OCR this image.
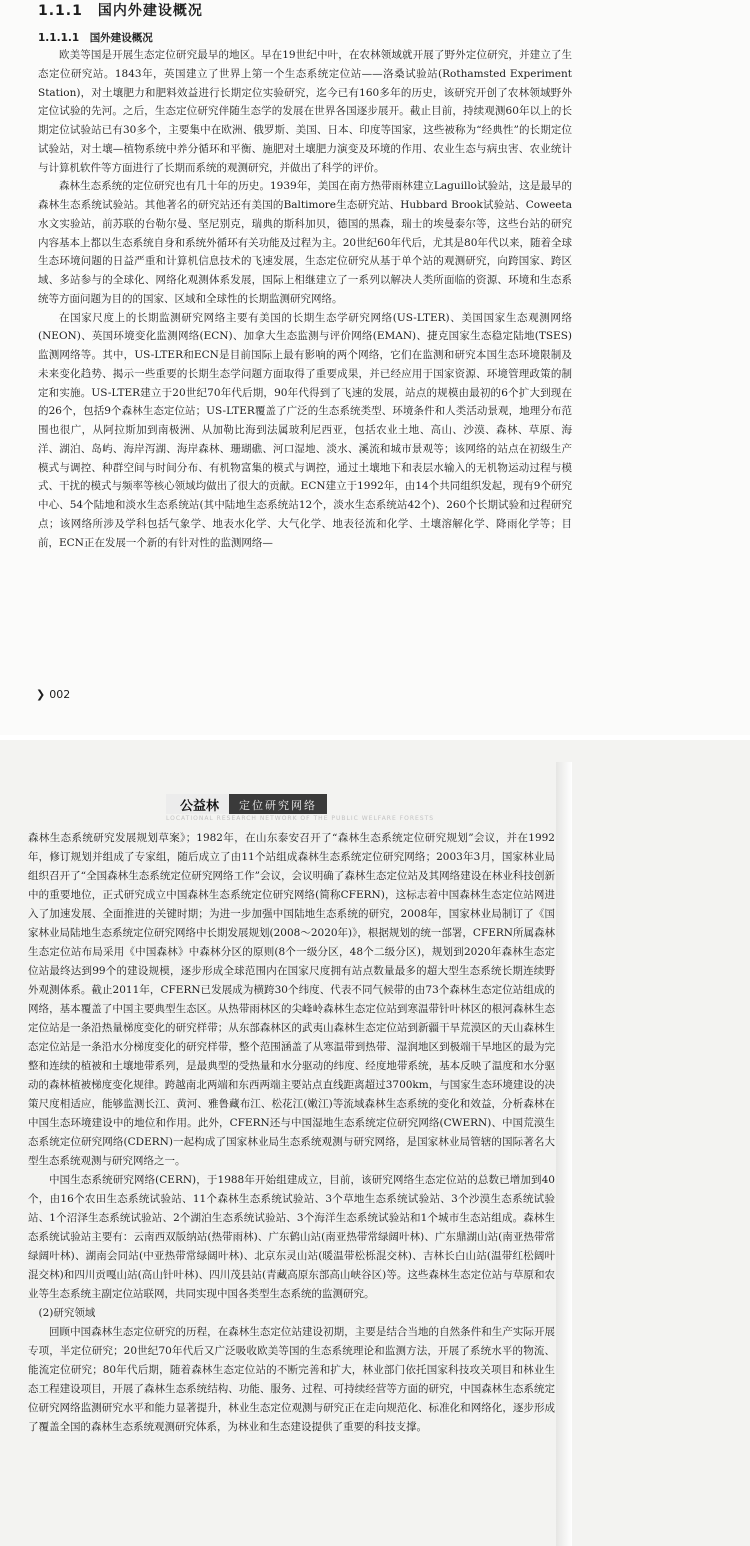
1.1.1　国内外建设概况
1.1.1.1　国外建设概况

欧美等国是开展生态定位研究最早的地区。早在19世纪中叶，在农林领域就开展了野外定位研究，并建立了生态定位研究站。1843年，英国建立了世界上第一个生态系统定位站——洛桑试验站(Rothamsted Experiment Station)，对土壤肥力和肥料效益进行长期定位实验研究，迄今已有160多年的历史，该研究开创了农林领域野外定位试验的先河。之后，生态定位研究伴随生态学的发展在世界各国逐步展开。截止目前，持续观测60年以上的长期定位试验站已有30多个，主要集中在欧洲、俄罗斯、美国、日本、印度等国家，这些被称为“经典性”的长期定位试验站，对土壤—植物系统中养分循环和平衡、施肥对土壤肥力演变及环境的作用、农业生态与病虫害、农业统计与计算机软件等方面进行了长期而系统的观测研究，并做出了科学的评价。

森林生态系统的定位研究也有几十年的历史。1939年，美国在南方热带雨林建立Laguillo试验站，这是最早的森林生态系统试验站。其他著名的研究站还有美国的Baltimore生态研究站、Hubbard Brook试验站、Coweeta水文实验站，前苏联的台勒尔曼、坚尼别克，瑞典的斯科加贝，德国的黑森，瑞士的埃曼泰尔等，这些台站的研究内容基本上都以生态系统自身和系统外循环有关功能及过程为主。20世纪60年代后，尤其是80年代以来，随着全球生态环境问题的日益严重和计算机信息技术的飞速发展，生态定位研究从基于单个站的观测研究，向跨国家、跨区域、多站参与的全球化、网络化观测体系发展，国际上相继建立了一系列以解决人类所面临的资源、环境和生态系统等方面问题为目的的国家、区域和全球性的长期监测研究网络。

在国家尺度上的长期监测研究网络主要有美国的长期生态学研究网络(US-LTER)、美国国家生态观测网络(NEON)、英国环境变化监测网络(ECN)、加拿大生态监测与评价网络(EMAN)、捷克国家生态稳定陆地(TSES)监测网络等。其中，US-LTER和ECN是目前国际上最有影响的两个网络，它们在监测和研究本国生态环境限制及未来变化趋势、揭示一些重要的长期生态学问题方面取得了重要成果，并已经应用于国家资源、环境管理政策的制定和实施。US-LTER建立于20世纪70年代后期，90年代得到了飞速的发展，站点的规模由最初的6个扩大到现在的26个，包括9个森林生态定位站；US-LTER覆盖了广泛的生态系统类型、环境条件和人类活动景观，地理分布范围也很广，从阿拉斯加到南极洲、从加勒比海到法属玻利尼西亚，包括农业土地、高山、沙漠、森林、草原、海洋、湖泊、岛屿、海岸泻湖、海岸森林、珊瑚礁、河口湿地、淡水、溪流和城市景观等；该网络的站点在初级生产模式与调控、种群空间与时间分布、有机物富集的模式与调控，通过土壤地下和表层水输入的无机物运动过程与模式、干扰的模式与频率等核心领域均做出了很大的贡献。ECN建立于1992年，由14个共同组织发起，现有9个研究中心、54个陆地和淡水生态系统站(其中陆地生态系统站12个，淡水生态系统站42个)、260个长期试验和过程研究点；该网络所涉及学科包括气象学、地表水化学、大气化学、地表径流和化学、土壤溶解化学、降雨化学等；目前，ECN正在发展一个新的有针对性的监测网络—

❯ 002
公益林	定位研究网络
LOCATIONAL RESEARCH NETWORK OF THE PUBLIC WELFARE FORESTS

森林生态系统研究发展规划草案》；1982年，在山东泰安召开了“森林生态系统定位研究规划”会议，并在1992年，修订规划并组成了专家组，随后成立了由11个站组成森林生态系统定位研究网络；2003年3月，国家林业局组织召开了“全国森林生态系统定位研究网络工作”会议，会议明确了森林生态定位站及其网络建设在林业科技创新中的重要地位，正式研究成立中国森林生态系统定位研究网络(简称CFERN)，这标志着中国森林生态定位站网进入了加速发展、全面推进的关键时期；为进一步加强中国陆地生态系统的研究，2008年，国家林业局制订了《国家林业局陆地生态系统定位研究网络中长期发展规划(2008～2020年)》，根据规划的统一部署，CFERN所属森林生态定位站布局采用《中国森林》中森林分区的原则(8个一级分区，48个二级分区)，规划到2020年森林生态定位站最终达到99个的建设规模，逐步形成全球范围内在国家尺度拥有站点数量最多的超大型生态系统长期连续野外观测体系。截止2011年，CFERN已发展成为横跨30个纬度、代表不同气候带的由73个森林生态定位站组成的网络，基本覆盖了中国主要典型生态区。从热带雨林区的尖峰岭森林生态定位站到寒温带针叶林区的根河森林生态定位站是一条沿热量梯度变化的研究样带；从东部森林区的武夷山森林生态定位站到新疆干旱荒漠区的天山森林生态定位站是一条沿水分梯度变化的研究样带，整个范围涵盖了从寒温带到热带、湿润地区到极端干旱地区的最为完整和连续的植被和土壤地带系列，是最典型的受热量和水分驱动的纬度、经度地带系统，基本反映了温度和水分驱动的森林植被梯度变化规律。跨越南北两端和东西两端主要站点直线距离超过3700km，与国家生态环境建设的决策尺度相适应，能够监测长江、黄河、雅鲁藏布江、松花江(嫩江)等流域森林生态系统的变化和效益，分析森林在中国生态环境建设中的地位和作用。此外，CFERN还与中国湿地生态系统定位研究网络(CWERN)、中国荒漠生态系统定位研究网络(CDERN)一起构成了国家林业局生态系统观测与研究网络，是国家林业局管辖的国际著名大型生态系统观测与研究网络之一。

中国生态系统研究网络(CERN)，于1988年开始组建成立，目前，该研究网络生态定位站的总数已增加到40个，由16个农田生态系统试验站、11个森林生态系统试验站、3个草地生态系统试验站、3个沙漠生态系统试验站、1个沼泽生态系统试验站、2个湖泊生态系统试验站、3个海洋生态系统试验站和1个城市生态站组成。森林生态系统试验站主要有：云南西双版纳站(热带雨林)、广东鹤山站(南亚热带常绿阔叶林)、广东鼎湖山站(南亚热带常绿阔叶林)、湖南会同站(中亚热带常绿阔叶林)、北京东灵山站(暖温带松栎混交林)、吉林长白山站(温带红松阔叶混交林)和四川贡嘎山站(高山针叶林)、四川茂县站(青藏高原东部高山峡谷区)等。这些森林生态定位站与草原和农业等生态系统主副定位站联网，共同实现中国各类型生态系统的监测研究。

(2)研究领域

回顾中国森林生态定位研究的历程，在森林生态定位站建设初期，主要是结合当地的自然条件和生产实际开展专项，半定位研究；20世纪70年代后又广泛吸收欧美等国的生态系统理论和监测方法，开展了系统水平的物流、能流定位研究；80年代后期，随着森林生态定位站的不断完善和扩大，林业部门依托国家科技攻关项目和林业生态工程建设项目，开展了森林生态系统结构、功能、服务、过程、可持续经营等方面的研究，中国森林生态系统定位研究网络监测研究水平和能力显著提升，林业生态定位观测与研究正在走向规范化、标准化和网络化，逐步形成了覆盖全国的森林生态系统观测研究体系，为林业和生态建设提供了重要的科技支撑。
